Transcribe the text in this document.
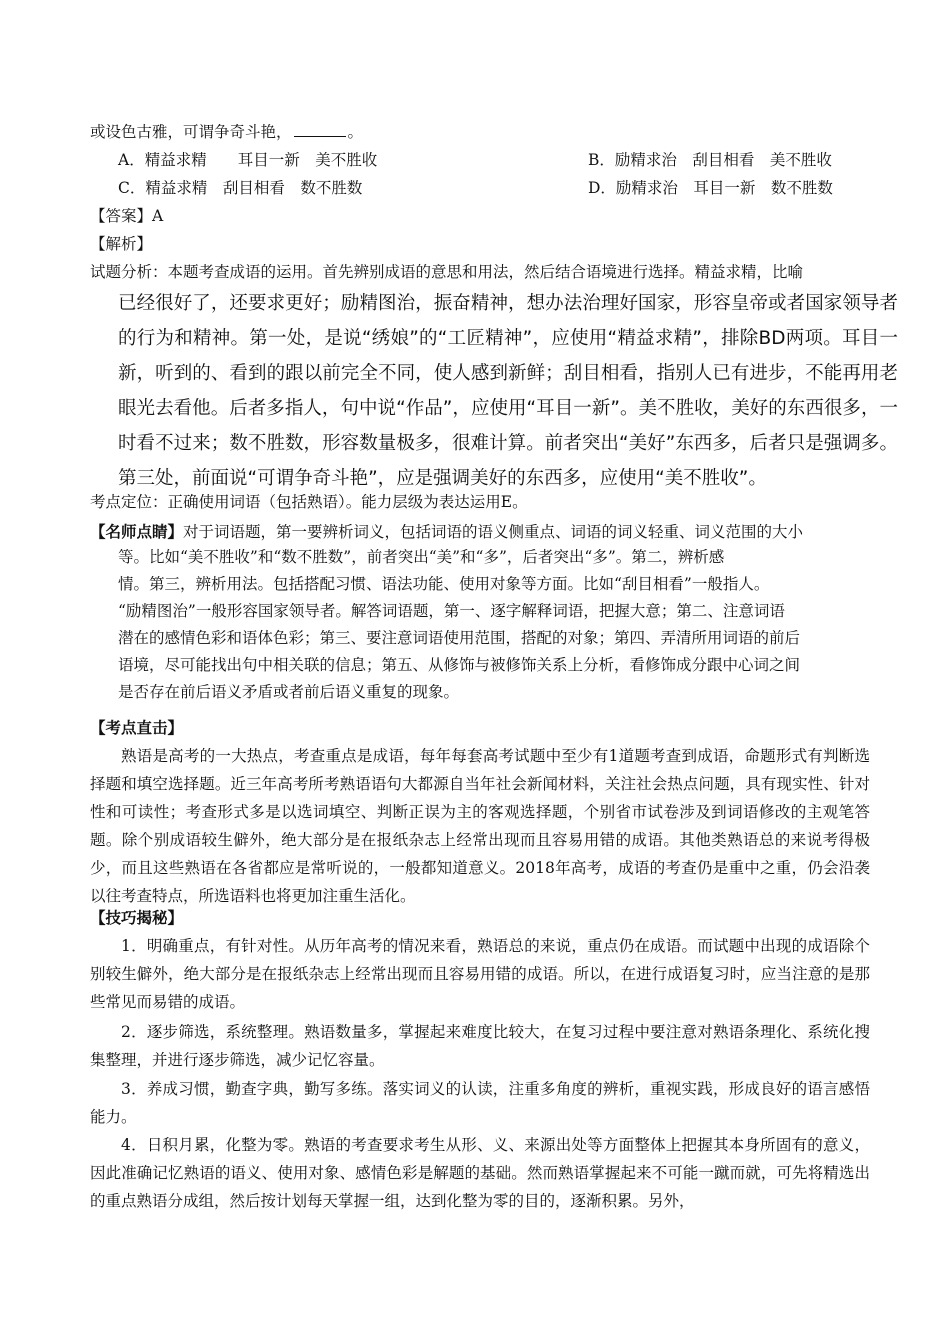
或设色古雅，可谓争奇斗艳，	。
A．精益求精　　耳目一新　美不胜收	B．励精求治　刮目相看　美不胜收
C．精益求精　刮目相看　数不胜数	D．励精求治　耳目一新　数不胜数
【答案】A
【解析】
试题分析：本题考查成语的运用。首先辨别成语的意思和用法，然后结合语境进行选择。精益求精，比喻
已经很好了，还要求更好；励精图治，振奋精神，想办法治理好国家，形容皇帝或者国家领导者的行为和精神。第一处，是说“绣娘”的“工匠精神”，应使用“精益求精”，排除BD两项。耳目一新，听到的、看到的跟以前完全不同，使人感到新鲜；刮目相看，指别人已有进步，不能再用老眼光去看他。后者多指人，句中说“作品”，应使用“耳目一新”。美不胜收，美好的东西很多，一时看不过来；数不胜数，形容数量极多，很难计算。前者突出“美好”东西多，后者只是强调多。第三处，前面说“可谓争奇斗艳”，应是强调美好的东西多，应使用“美不胜收”。
考点定位：正确使用词语（包括熟语）。能力层级为表达运用E。
【名师点睛】对于词语题，第一要辨析词义，包括词语的语义侧重点、词语的词义轻重、词义范围的大小
等。比如“美不胜收”和“数不胜数”，前者突出“美”和“多”，后者突出“多”。第二，辨析感
情。第三，辨析用法。包括搭配习惯、语法功能、使用对象等方面。比如“刮目相看”一般指人。
“励精图治”一般形容国家领导者。解答词语题，第一、逐字解释词语，把握大意；第二、注意词语
潜在的感情色彩和语体色彩；第三、要注意词语使用范围，搭配的对象；第四、弄清所用词语的前后
语境，尽可能找出句中相关联的信息；第五、从修饰与被修饰关系上分析，看修饰成分跟中心词之间
是否存在前后语义矛盾或者前后语义重复的现象。
【考点直击】
熟语是高考的一大热点，考查重点是成语，每年每套高考试题中至少有1道题考查到成语，命题形式有判断选择题和填空选择题。近三年高考所考熟语语句大都源自当年社会新闻材料，关注社会热点问题，具有现实性、针对性和可读性；考查形式多是以选词填空、判断正误为主的客观选择题，个别省市试卷涉及到词语修改的主观笔答题。除个别成语较生僻外，绝大部分是在报纸杂志上经常出现而且容易用错的成语。其他类熟语总的来说考得极少，而且这些熟语在各省都应是常听说的，一般都知道意义。2018年高考，成语的考查仍是重中之重，仍会沿袭以往考查特点，所选语料也将更加注重生活化。
【技巧揭秘】
1．明确重点，有针对性。从历年高考的情况来看，熟语总的来说，重点仍在成语。而试题中出现的成语除个别较生僻外，绝大部分是在报纸杂志上经常出现而且容易用错的成语。所以，在进行成语复习时，应当注意的是那些常见而易错的成语。
2．逐步筛选，系统整理。熟语数量多，掌握起来难度比较大，在复习过程中要注意对熟语条理化、系统化搜集整理，并进行逐步筛选，减少记忆容量。
3．养成习惯，勤查字典，勤写多练。落实词义的认读，注重多角度的辨析，重视实践，形成良好的语言感悟能力。
4．日积月累，化整为零。熟语的考查要求考生从形、义、来源出处等方面整体上把握其本身所固有的意义，因此准确记忆熟语的语义、使用对象、感情色彩是解题的基础。然而熟语掌握起来不可能一蹴而就，可先将精选出的重点熟语分成组，然后按计划每天掌握一组，达到化整为零的目的，逐渐积累。另外，
